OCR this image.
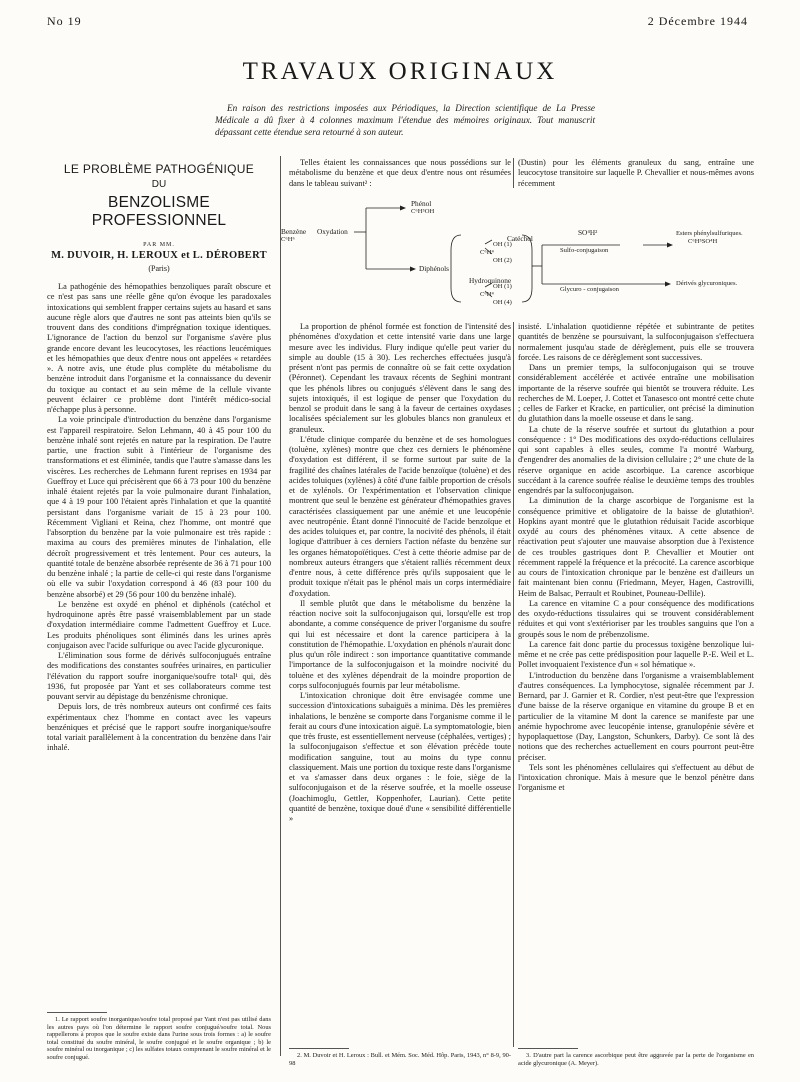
No 19	2 Décembre 1944
TRAVAUX ORIGINAUX
En raison des restrictions imposées aux Périodiques, la Direction scientifique de La Presse Médicale a dû fixer à 4 colonnes maximum l'étendue des mémoires originaux. Tout manuscrit dépassant cette étendue sera retourné à son auteur.
LE PROBLÈME PATHOGÉNIQUE
DU
BENZOLISME PROFESSIONNEL
PAR MM.
M. DUVOIR, H. LEROUX et L. DÉROBERT
(Paris)

La pathogénie des hémopathies benzoliques paraît obscure et ce n'est pas sans une réelle gêne qu'on évoque les paradoxales intoxications qui semblent frapper certains sujets au hasard et sans aucune règle alors que d'autres ne sont pas atteints bien qu'ils se trouvent dans des conditions d'imprégnation toxique identiques. L'ignorance de l'action du benzol sur l'organisme s'avère plus grande encore devant les leucocytoses, les réactions leucémiques et les hémopathies que deux d'entre nous ont appelées « retardées ». A notre avis, une étude plus complète du métabolisme du benzène introduit dans l'organisme et la connaissance du devenir du toxique au contact et au sein même de la cellule vivante peuvent éclairer ce problème dont l'intérêt médico-social n'échappe plus à personne.

La voie principale d'introduction du benzène dans l'organisme est l'appareil respiratoire. Selon Lehmann, 40 à 45 pour 100 du benzène inhalé sont rejetés en nature par la respiration. De l'autre partie, une fraction subit à l'intérieur de l'organisme des transformations et est éliminée, tandis que l'autre s'amasse dans les viscères. Les recherches de Lehmann furent reprises en 1934 par Gueffroy et Luce qui précisèrent que 66 à 73 pour 100 du benzène inhalé étaient rejetés par la voie pulmonaire durant l'inhalation, que 4 à 19 pour 100 l'étaient après l'inhalation et que la quantité persistant dans l'organisme variait de 15 à 23 pour 100. Récemment Vigliani et Reina, chez l'homme, ont montré que l'absorption du benzène par la voie pulmonaire est très rapide : maxima au cours des premières minutes de l'inhalation, elle décroît progressivement et très lentement. Pour ces auteurs, la quantité totale de benzène absorbée représente de 36 à 71 pour 100 du benzène inhalé ; la partie de celle-ci qui reste dans l'organisme où elle va subir l'oxydation correspond à 46 (83 pour 100 du benzène absorbé) et 29 (56 pour 100 du benzène inhalé).

Le benzène est oxydé en phénol et diphénols (catéchol et hydroquinone après être passé vraisemblablement par un stade d'oxydation intermédiaire comme l'admettent Gueffroy et Luce. Les produits phénoliques sont éliminés dans les urines après conjugaison avec l'acide sulfurique ou avec l'acide glycuronique.

L'élimination sous forme de dérivés sulfoconjugués entraîne des modifications des constantes soufrées urinaires, en particulier l'élévation du rapport soufre inorganique/soufre total¹ qui, dès 1936, fut proposée par Yant et ses collaborateurs comme test pouvant servir au dépistage du benzénisme chronique.

Depuis lors, de très nombreux auteurs ont confirmé ces faits expérimentaux chez l'homme en contact avec les vapeurs benzéniques et précisé que le rapport soufre inorganique/soufre total variait parallèlement à la concentration du benzène dans l'air inhalé.

Telles étaient les connaissances que nous possédions sur le métabolisme du benzène et que deux d'entre nous ont résumées dans le tableau suivant² :

(Dustin) pour les éléments granuleux du sang, entraîne une leucocytose transitoire sur laquelle P. Chevallier et nous-mêmes avons récemment

Benzène
C⁶H⁶
Oxydation
Phénol
C⁶H⁵OH
Diphénols
Catéchol
C⁶H⁴
OH (1)
OH (2)
Hydroquinone
C⁶H⁴
OH (1)
OH (4)
SO⁴H²
Sulfo-conjugaison
Glycuro - conjugaison
Esters phénylsulfuriques.
C⁶H⁵SO⁴H
Dérivés glycuroniques.

La proportion de phénol formée est fonction de l'intensité des phénomènes d'oxydation et cette intensité varie dans une large mesure avec les individus. Flury indique qu'elle peut varier du simple au double (15 à 30). Les recherches effectuées jusqu'à présent n'ont pas permis de connaître où se fait cette oxydation (Péronnet). Cependant les travaux récents de Seghini montrant que les phénols libres ou conjugués s'élèvent dans le sang des sujets intoxiqués, il est logique de penser que l'oxydation du benzol se produit dans le sang à la faveur de certaines oxydases localisées spécialement sur les globules blancs non granuleux et granuleux.

L'étude clinique comparée du benzène et de ses homologues (toluène, xylènes) montre que chez ces derniers le phénomène d'oxydation est différent, il se forme surtout par suite de la fragilité des chaînes latérales de l'acide benzoïque (toluène) et des acides toluiques (xylènes) à côté d'une faible proportion de crésols et de xylénols. Or l'expérimentation et l'observation clinique montrent que seul le benzène est générateur d'hémopathies graves caractérisées classiquement par une anémie et une leucopénie avec neutropénie. Étant donné l'innocuité de l'acide benzoïque et des acides toluiques et, par contre, la nocivité des phénols, il était logique d'attribuer à ces derniers l'action néfaste du benzène sur les organes hématopoïétiques. C'est à cette théorie admise par de nombreux auteurs étrangers que s'étaient ralliés récemment deux d'entre nous, à cette différence près qu'ils supposaient que le produit toxique n'était pas le phénol mais un corps intermédiaire d'oxydation.

Il semble plutôt que dans le métabolisme du benzène la réaction nocive soit la sulfoconjugaison qui, lorsqu'elle est trop abondante, a comme conséquence de priver l'organisme du soufre qui lui est nécessaire et dont la carence participera à la constitution de l'hémopathie. L'oxydation en phénols n'aurait donc plus qu'un rôle indirect : son importance quantitative commande l'importance de la sulfoconjugaison et la moindre nocivité du toluène et des xylènes dépendrait de la moindre proportion de corps sulfoconjugués fournis par leur métabolisme.

L'intoxication chronique doit être envisagée comme une succession d'intoxications subaiguës a minima. Dès les premières inhalations, le benzène se comporte dans l'organisme comme il le ferait au cours d'une intoxication aiguë. La symptomatologie, bien que très fruste, est essentiellement nerveuse (céphalées, vertiges) ; la sulfoconjugaison s'effectue et son élévation précède toute modification sanguine, tout au moins du type connu classiquement. Mais une portion du toxique reste dans l'organisme et va s'amasser dans deux organes : le foie, siège de la sulfoconjugaison et de la réserve soufrée, et la moelle osseuse (Joachimoglu, Gettler, Koppenhofer, Laurian). Cette petite quantité de benzène, toxique doué d'une « sensibilité différentielle »

insisté. L'inhalation quotidienne répétée et subintrante de petites quantités de benzène se poursuivant, la sulfoconjugaison s'effectuera normalement jusqu'au stade de dérèglement, puis elle se trouvera forcée. Les raisons de ce dérèglement sont successives.

Dans un premier temps, la sulfoconjugaison qui se trouve considérablement accélérée et activée entraîne une mobilisation importante de la réserve soufrée qui bientôt se trouvera réduite. Les recherches de M. Loeper, J. Cottet et Tanasesco ont montré cette chute ; celles de Farker et Kracke, en particulier, ont précisé la diminution du glutathion dans la moelle osseuse et dans le sang.

La chute de la réserve soufrée et surtout du glutathion a pour conséquence : 1° Des modifications des oxydo-réductions cellulaires qui sont capables à elles seules, comme l'a montré Warburg, d'engendrer des anomalies de la division cellulaire ; 2° une chute de la réserve organique en acide ascorbique. La carence ascorbique succédant à la carence soufrée réalise le deuxième temps des troubles engendrés par la sulfoconjugaison.

La diminution de la charge ascorbique de l'organisme est la conséquence primitive et obligatoire de la baisse de glutathion³. Hopkins ayant montré que le glutathion réduisait l'acide ascorbique oxydé au cours des phénomènes vitaux. A cette absence de réactivation peut s'ajouter une mauvaise absorption due à l'existence de ces troubles gastriques dont P. Chevallier et Moutier ont récemment rappelé la fréquence et la précocité. La carence ascorbique au cours de l'intoxication chronique par le benzène est d'ailleurs un fait maintenant bien connu (Friedmann, Meyer, Hagen, Castrovilli, Heim de Balsac, Perrault et Roubinet, Pouneau-Dellile).

La carence en vitamine C a pour conséquence des modifications des oxydo-réductions tissulaires qui se trouvent considérablement réduites et qui vont s'extérioriser par les troubles sanguins que l'on a groupés sous le nom de prébenzolisme.

La carence fait donc partie du processus toxigène benzolique lui-même et ne crée pas cette prédisposition pour laquelle P.-E. Weil et L. Pollet invoquaient l'existence d'un « sol hématique ».

L'introduction du benzène dans l'organisme a vraisemblablement d'autres conséquences. La lymphocytose, signalée récemment par J. Bernard, par J. Garnier et R. Cordier, n'est peut-être que l'expression d'une baisse de la réserve organique en vitamine du groupe B et en particulier de la vitamine M dont la carence se manifeste par une anémie hypochrome avec leucopénie intense, granulopénie sévère et hypoplaquettose (Day, Langston, Schunkers, Darby). Ce sont là des notions que des recherches actuellement en cours pourront peut-être préciser.

Tels sont les phénomènes cellulaires qui s'effectuent au début de l'intoxication chronique. Mais à mesure que le benzol pénètre dans l'organisme et

1. Le rapport soufre inorganique/soufre total proposé par Yant n'est pas utilisé dans les autres pays où l'on détermine le rapport soufre conjugué/soufre total. Nous rappellerons à propos que le soufre existe dans l'urine sous trois formes : a) le soufre total constitué du soufre minéral, le soufre conjugué et le soufre organique ; b) le soufre minéral ou inorganique ; c) les sulfates totaux comprenant le soufre minéral et le soufre conjugué.	2. M. Duvoir et H. Leroux : Bull. et Mém. Soc. Méd. Hôp. Paris, 1943, n° 8-9, 90-98

3. D'autre part la carence ascorbique peut être aggravée par la perte de l'organisme en acide glycuronique (A. Meyer).
